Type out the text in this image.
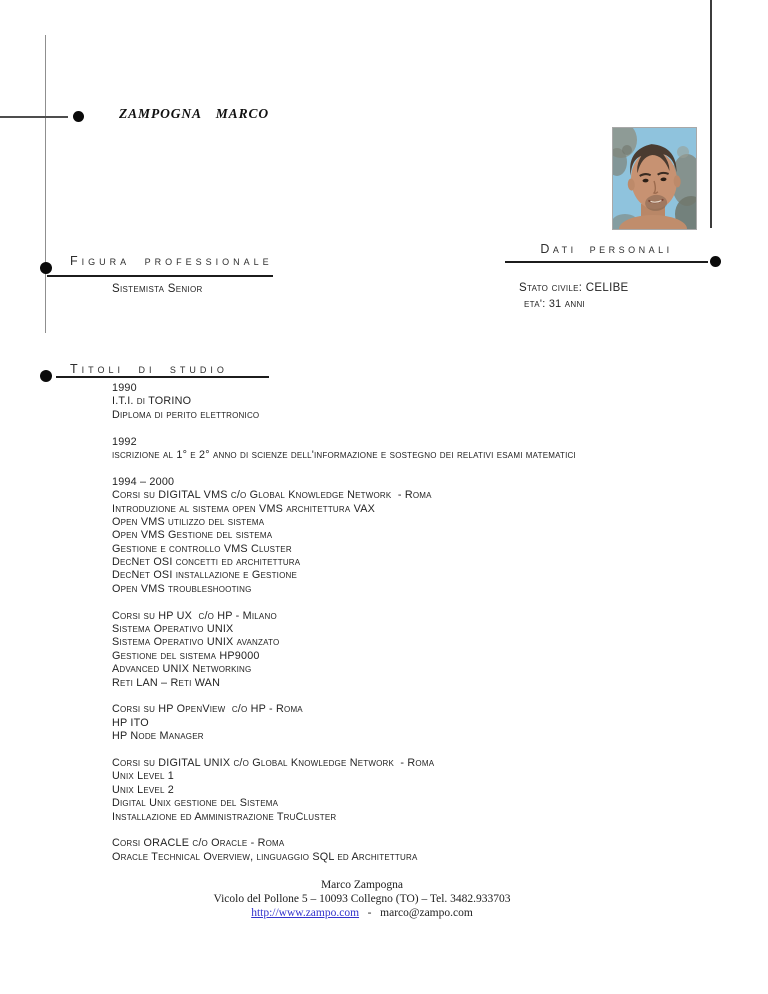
ZAMPOGNA  MARCO
Dati personali
Stato civile: CELIBE
eta': 31 anni
Figura professionale
Sistemista Senior
Titoli di studio
1990
I.T.I. di TORINO
Diploma di perito elettronico
1992
iscrizione al 1° e 2° anno di scienze dell'informazione e sostegno dei relativi esami matematici
1994 – 2000
Corsi su DIGITAL VMS c/o Global Knowledge Network  - Roma
Introduzione al sistema open VMS architettura VAX
Open VMS utilizzo del sistema
Open VMS Gestione del sistema
Gestione e controllo VMS Cluster
DecNet OSI concetti ed architettura
DecNet OSI installazione e Gestione
Open VMS troubleshooting
Corsi su HP UX  c/o HP - Milano
Sistema Operativo UNIX
Sistema Operativo UNIX avanzato
Gestione del sistema HP9000
Advanced UNIX Networking
Reti LAN – Reti WAN
Corsi su HP OpenView  c/o HP - Roma
HP ITO
HP Node Manager
Corsi su DIGITAL UNIX c/o Global Knowledge Network  - Roma
Unix Level 1
Unix Level 2
Digital Unix gestione del Sistema
Installazione ed Amministrazione TruCluster
Corsi ORACLE c/o Oracle - Roma
Oracle Technical Overview, linguaggio SQL ed Architettura
Marco Zampogna
Vicolo del Pollone 5 – 10093 Collegno (TO) – Tel. 3482.933703
http://www.zampo.com   -   marco@zampo.com
